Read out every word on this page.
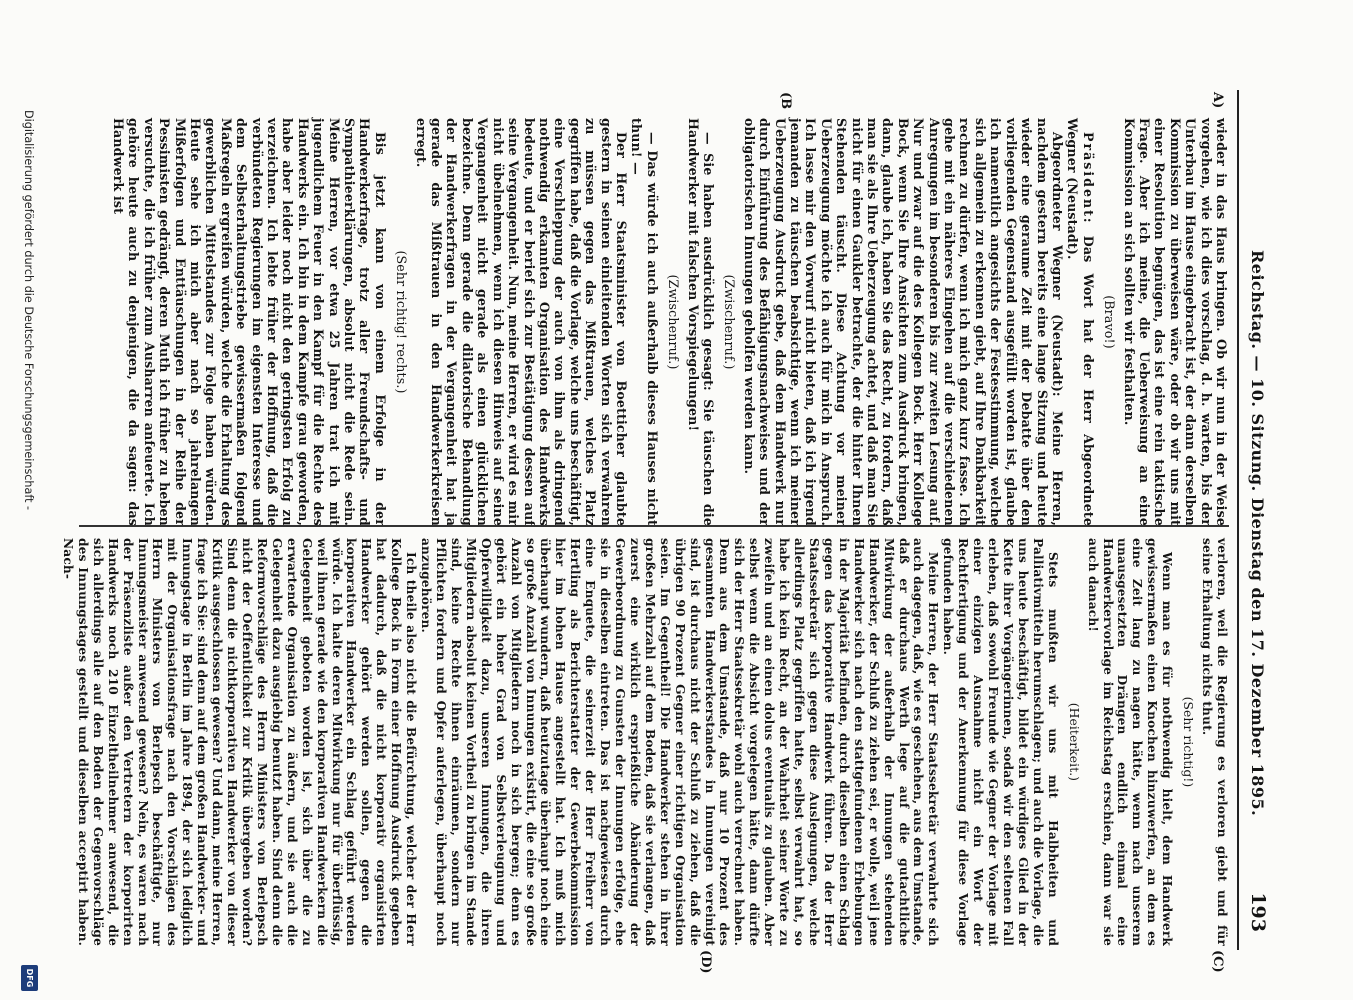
Reichstag. — 10. Sitzung. Dienstag den 17. Dezember 1895.
193
A)
(B
(C)
(D)

wieder in das Haus bringen. Ob wir nun in der Weise vorgehen, wie ich dies vorschlag, d. h. warten, bis der Unterbau im Hause eingebracht ist, der dann derselben Kommission zu überweisen wäre, oder ob wir uns mit einer Resolution begnügen, das ist eine rein taktische Frage. Aber ich meine, die Ueberweisung an eine Kommission an sich sollten wir festhalten.

(Bravo!)

Präsident: Das Wort hat der Herr Abgeordnete Wegner (Neustadt).

Abgeordneter Wegner (Neustadt): Meine Herren, nachdem gestern bereits eine lange Sitzung und heute wieder eine geraume Zeit mit der Debatte über den vorliegenden Gegenstand ausgefüllt worden ist, glaube ich namentlich angesichts der Festesstimmung, welche sich allgemein zu erkennen giebt, auf Ihre Dankbarkeit rechnen zu dürfen, wenn ich mich ganz kurz fasse. Ich gehe mit ein näheres Eingehen auf die verschiedenen Anregungen im besonderen bis zur zweiten Lesung auf. Nur und zwar auf die des Kollegen Bock. Herr Kollege Bock, wenn Sie Ihre Ansichten zum Ausdruck bringen, dann, glaube ich, haben Sie das Recht, zu fordern, daß man sie als Ihre Ueberzeugung achtet, und daß man Sie nicht für einen Gaukler betrachte, der die hinter Ihnen Stehenden täuscht. Diese Achtung vor meiner Ueberzeugung möchte ich auch für mich in Anspruch. Ich lasse mir den Vorwurf nicht bieten, daß ich irgend jemanden zu täuschen beabsichtige, wenn ich meiner Ueberzeugung Ausdruck gebe, daß dem Handwerk nur durch Einführung des Befähigungsnachweises und der obligatorischen Innungen geholfen werden kann.

(Zwischenruf.)

— Sie haben ausdrücklich gesagt: Sie täuschen die Handwerker mit falschen Vorspiegelungen!

(Zwischenruf.)

— Das würde ich auch außerhalb dieses Hauses nicht thun! —

Der Herr Staatsminister von Boetticher glaubte gestern in seinen einleitenden Worten sich verwahren zu müssen gegen das Mißtrauen, welches Platz gegriffen habe, daß die Vorlage, welche uns beschäftigt, eine Verschleppung der auch von ihm als dringend nothwendig erkannten Organisation des Handwerks bedeute, und er berief sich zur Bestätigung dessen auf seine Vergangenheit. Nun, meine Herren, er wird es mir nicht übelnehmen, wenn ich diesen Hinweis auf seine Vergangenheit nicht gerade als einen glücklichen bezeichne. Denn gerade die dilatorische Behandlung der Handwerkerfragen in der Vergangenheit hat ja gerade das Mißtrauen in den Handwerkerkreisen erregt.

(Sehr richtig! rechts.)

Bis jetzt kann von einem Erfolge in der Handwerkerfrage, trotz aller Freundschafts- und Sympathieerklärungen, absolut nicht die Rede sein. Meine Herren, vor etwa 25 Jahren trat ich mit jugendlichem Feuer in den Kampf für die Rechte des Handwerks ein. Ich bin in dem Kampfe grau geworden, habe aber leider noch nicht den geringsten Erfolg zu verzeichnen. Ich lebte früher der Hoffnung, daß die verbündeten Regierungen im eigensten Interesse und dem Selbsterhaltungstriebe gewissermaßen folgend Maßregeln ergreifen würden, welche die Erhaltung des gewerblichen Mittelstandes zur Folge haben würden. Heute sehe ich mich aber nach so jahrelangen Mißerfolgen und Enttäuschungen in der Reihe der Pessimisten gedrängt, deren Muth ich früher zu heben versuchte, die ich früher zum Ausharren anfeuerte. Ich gehöre heute auch zu denjenigen, die da sagen: das Handwerk ist

verloren, weil die Regierung es verloren giebt und für seine Erhaltung nichts thut.

(Sehr richtig!)

Wenn man es für nothwendig hielt, dem Handwerk gewissermaßen einen Knochen hinzuwerfen, an dem es eine Zeit lang zu nagen hätte, wenn nach unserem unausgesetzten Drängen endlich einmal eine Handwerkervorlage im Reichstag erschien, dann war sie auch danach!

(Heiterkeit.)

Stets mußten wir uns mit Halbheiten und Palliativmitteln herumschlagen; und auch die Vorlage, die uns heute beschäftigt, bildet ein würdiges Glied in der Kette ihrer Vorgängerinnen, sodaß wir den seltenen Fall erleben, daß sowohl Freunde wie Gegner der Vorlage mit einer einzigen Ausnahme nicht ein Wort der Rechtfertigung und der Anerkennung für diese Vorlage gefunden haben.

Meine Herren, der Herr Staatssekretär verwahrte sich auch dagegen, daß, wie es geschehen, aus dem Umstande, daß er durchaus Werth lege auf die gutachtliche Mitwirkung der außerhalb der Innungen stehenden Handwerker, der Schluß zu ziehen sei, er wolle, weil jene Handwerker sich nach den stattgefundenen Erhebungen in der Majorität befinden, durch dieselben einen Schlag gegen das korporative Handwerk führen. Da der Herr Staatssekretär sich gegen diese Auslegungen, welche allerdings Platz gegriffen hatte, selbst verwahrt hat, so habe ich kein Recht, an der Wahrheit seiner Worte zu zweifeln und an einen dolus eventualis zu glauben. Aber selbst wenn die Absicht vorgelegen hätte, dann dürfte sich der Herr Staatssekretär wohl auch verrechnet haben. Denn aus dem Umstande, daß nur 10 Prozent des gesammten Handwerkerstandes in Innungen vereinigt sind, ist durchaus nicht der Schluß zu ziehen, daß die übrigen 90 Prozent Gegner einer richtigen Organisation seien. Im Gegentheil! Die Handwerker stehen in ihrer großen Mehrzahl auf dem Boden, daß sie verlangen, daß zuerst eine wirklich ersprießliche Abänderung der Gewerbeordnung zu Gunsten der Innungen erfolge, ehe sie in dieselben eintreten. Das ist nachgewiesen durch eine Enquete, die seinerzeit der Herr Freiherr von Hertling als Berichterstatter der Gewerbekommission hier im hohen Hause angestellt hat. Ich muß mich überhaupt wundern, daß heutzutage überhaupt noch eine so große Anzahl von Innungen existirt, die eine so große Anzahl von Mitgliedern noch in sich bergen; denn es gehört ein hoher Grad von Selbstverleugnung und Opferwilligkeit dazu, unseren Innungen, die ihren Mitgliedern absolut keinen Vortheil zu bringen im Stande sind, keine Rechte ihnen einräumen, sondern nur Pflichten fordern und Opfer auferlegen, überhaupt noch anzugehören.

Ich theile also nicht die Befürchtung, welcher der Herr Kollege Bock in Form einer Hoffnung Ausdruck gegeben hat dadurch, daß die nicht korporativ organisirten Handwerker gehört werden sollen, gegen die korporativen Handwerker ein Schlag geführt werden würde. Ich halte deren Mitwirkung nur für überflüssig, weil ihnen gerade wie den korporativen Handwerkern die Gelegenheit geboten worden ist, sich über die zu erwartende Organisation zu äußern, und sie auch die Gelegenheit dazu ausgiebig benutzt haben. Sind denn die Reformvorschläge des Herrn Ministers von Berlepsch nicht der Oeffentlichkeit zur Kritik übergeben worden? Sind denn die nichtkorporativen Handwerker von dieser Kritik ausgeschlossen gewesen? Und dann, meine Herren, frage ich Sie: sind denn auf dem großen Handwerker- und Innungstage in Berlin im Jahre 1894, der sich lediglich mit der Organisationsfrage nach den Vorschlägen des Herrn Ministers von Berlepsch beschäftigte, nur Innungsmeister anwesend gewesen? Nein, es waren nach der Präsenzliste außer den Vertretern der korporirten Handwerks noch 210 Einzeltheilnehmer anwesend, die sich allerdings alle auf den Boden der Gegenvorschläge des Innungstages gestellt und dieselben acceptirt haben. Nach-

Digitalisierung gefördert durch die Deutsche Forschungsgemeinschaft -
DFG
